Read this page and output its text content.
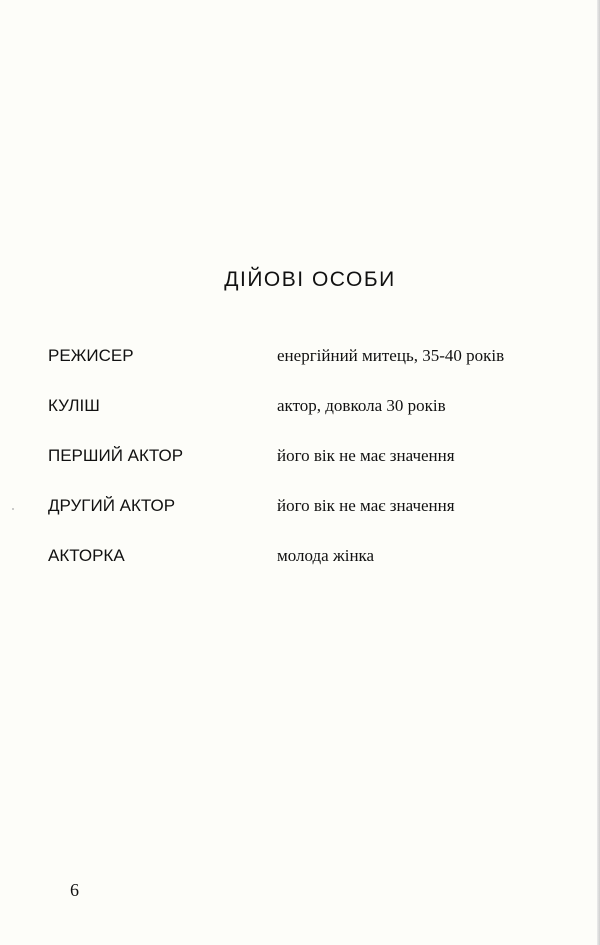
ДІЙОВІ ОСОБИ
РЕЖИСЕР	енергійний митець, 35-40 років
КУЛІШ	актор, довкола 30 років
ПЕРШИЙ АКТОР	його вік не має значення
ДРУГИЙ АКТОР	його вік не має значення
АКТОРКА	молода жінка
6
